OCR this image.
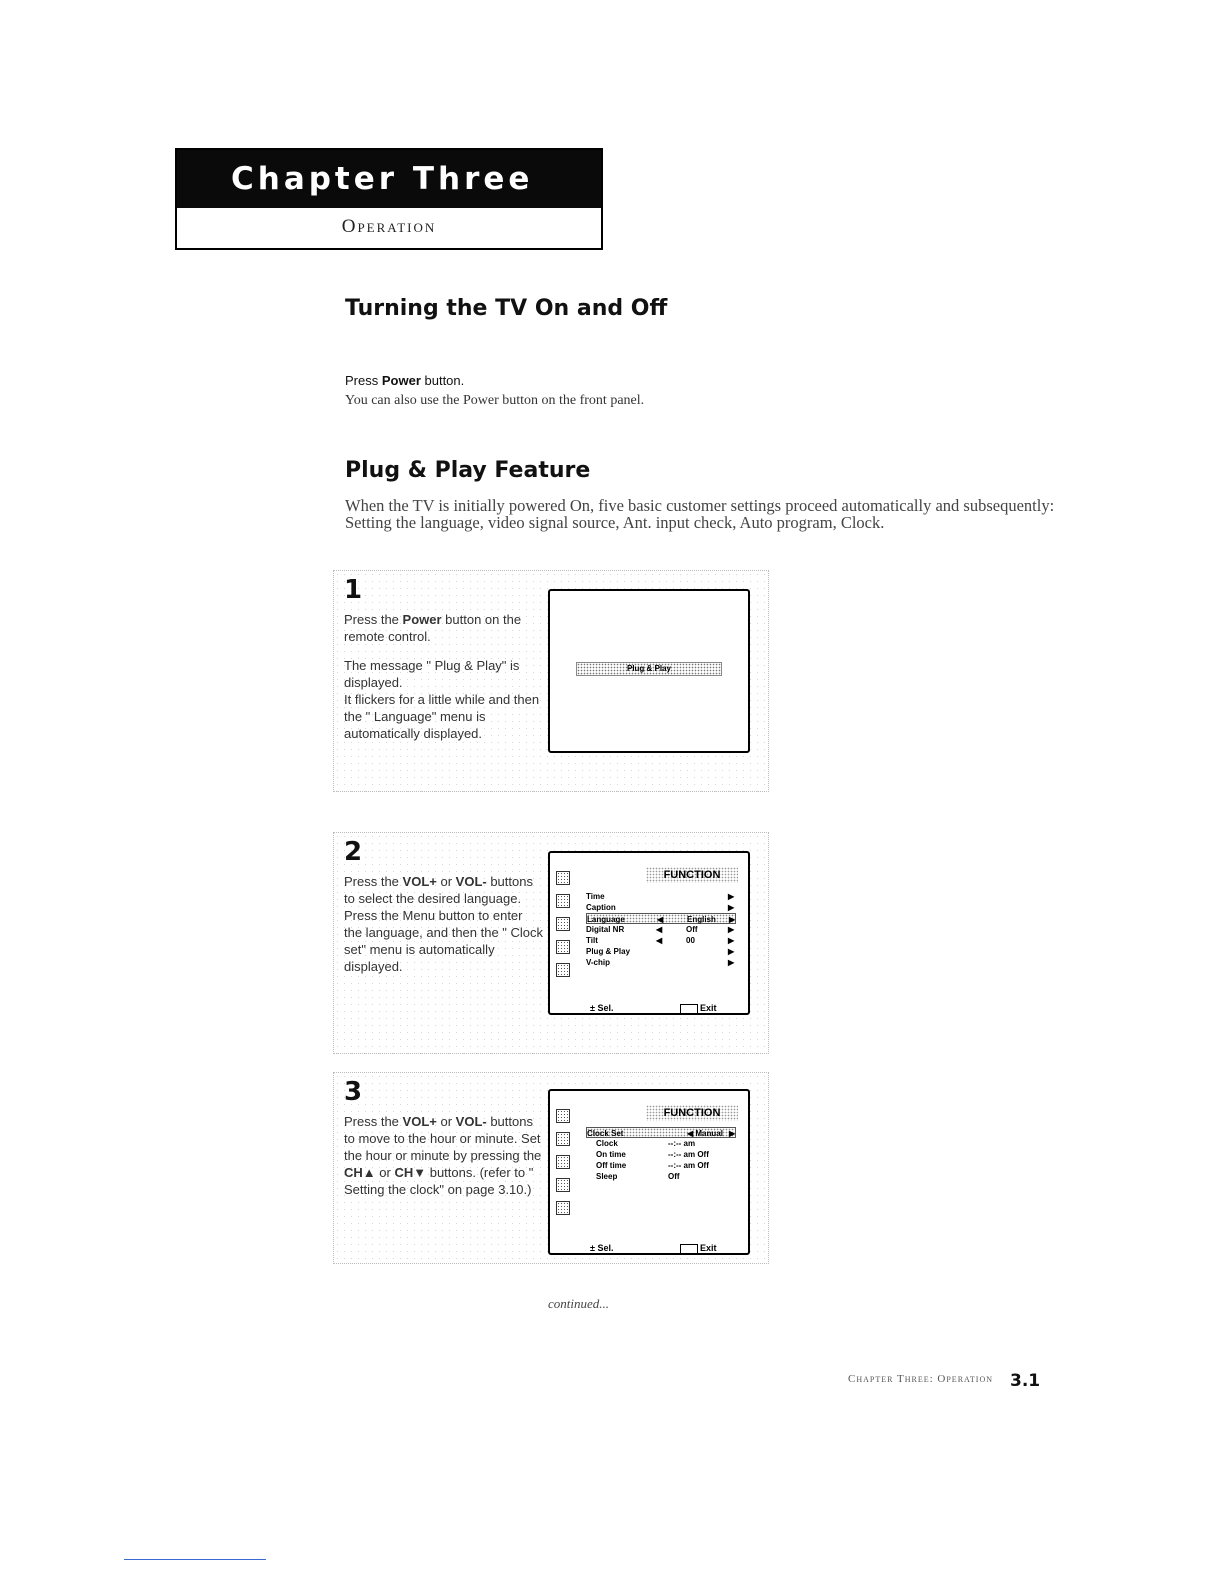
Chapter Three
Operation
Turning the TV On and Off
Press Power button.
You can also use the Power button on the front panel.
Plug & Play Feature

When the TV is initially powered On, five basic customer settings proceed automatically and subsequently: Setting the language, video signal source, Ant. input check, Auto program, Clock.

1

Press the Power button on the remote control.

The message " Plug & Play" is displayed.

It flickers for a little while and then the " Language" menu is automatically displayed.

Plug & Play
2

Press the VOL+ or VOL- buttons to select the desired language. Press the Menu button to enter the language, and then the " Clock set" menu is automatically displayed.

FUNCTION
Time	▶
Caption	▶
Language	◀	English ▶
Digital NR	◀	Off	▶
Tilt	◀	00	▶
Plug & Play	▶
V-chip	▶
± Sel.	Exit
3

Press the VOL+ or VOL- buttons to move to the hour or minute. Set the hour or minute by pressing the CH▲ or CH▼ buttons. (refer to " Setting the clock" on page 3.10.)

FUNCTION
Clock Set	◀ Manual ▶
Clock	--:-- am
On time	--:-- am Off
Off time	--:-- am Off
Sleep	Off
± Sel.	Exit
continued...
Chapter Three: Operation 3.1
